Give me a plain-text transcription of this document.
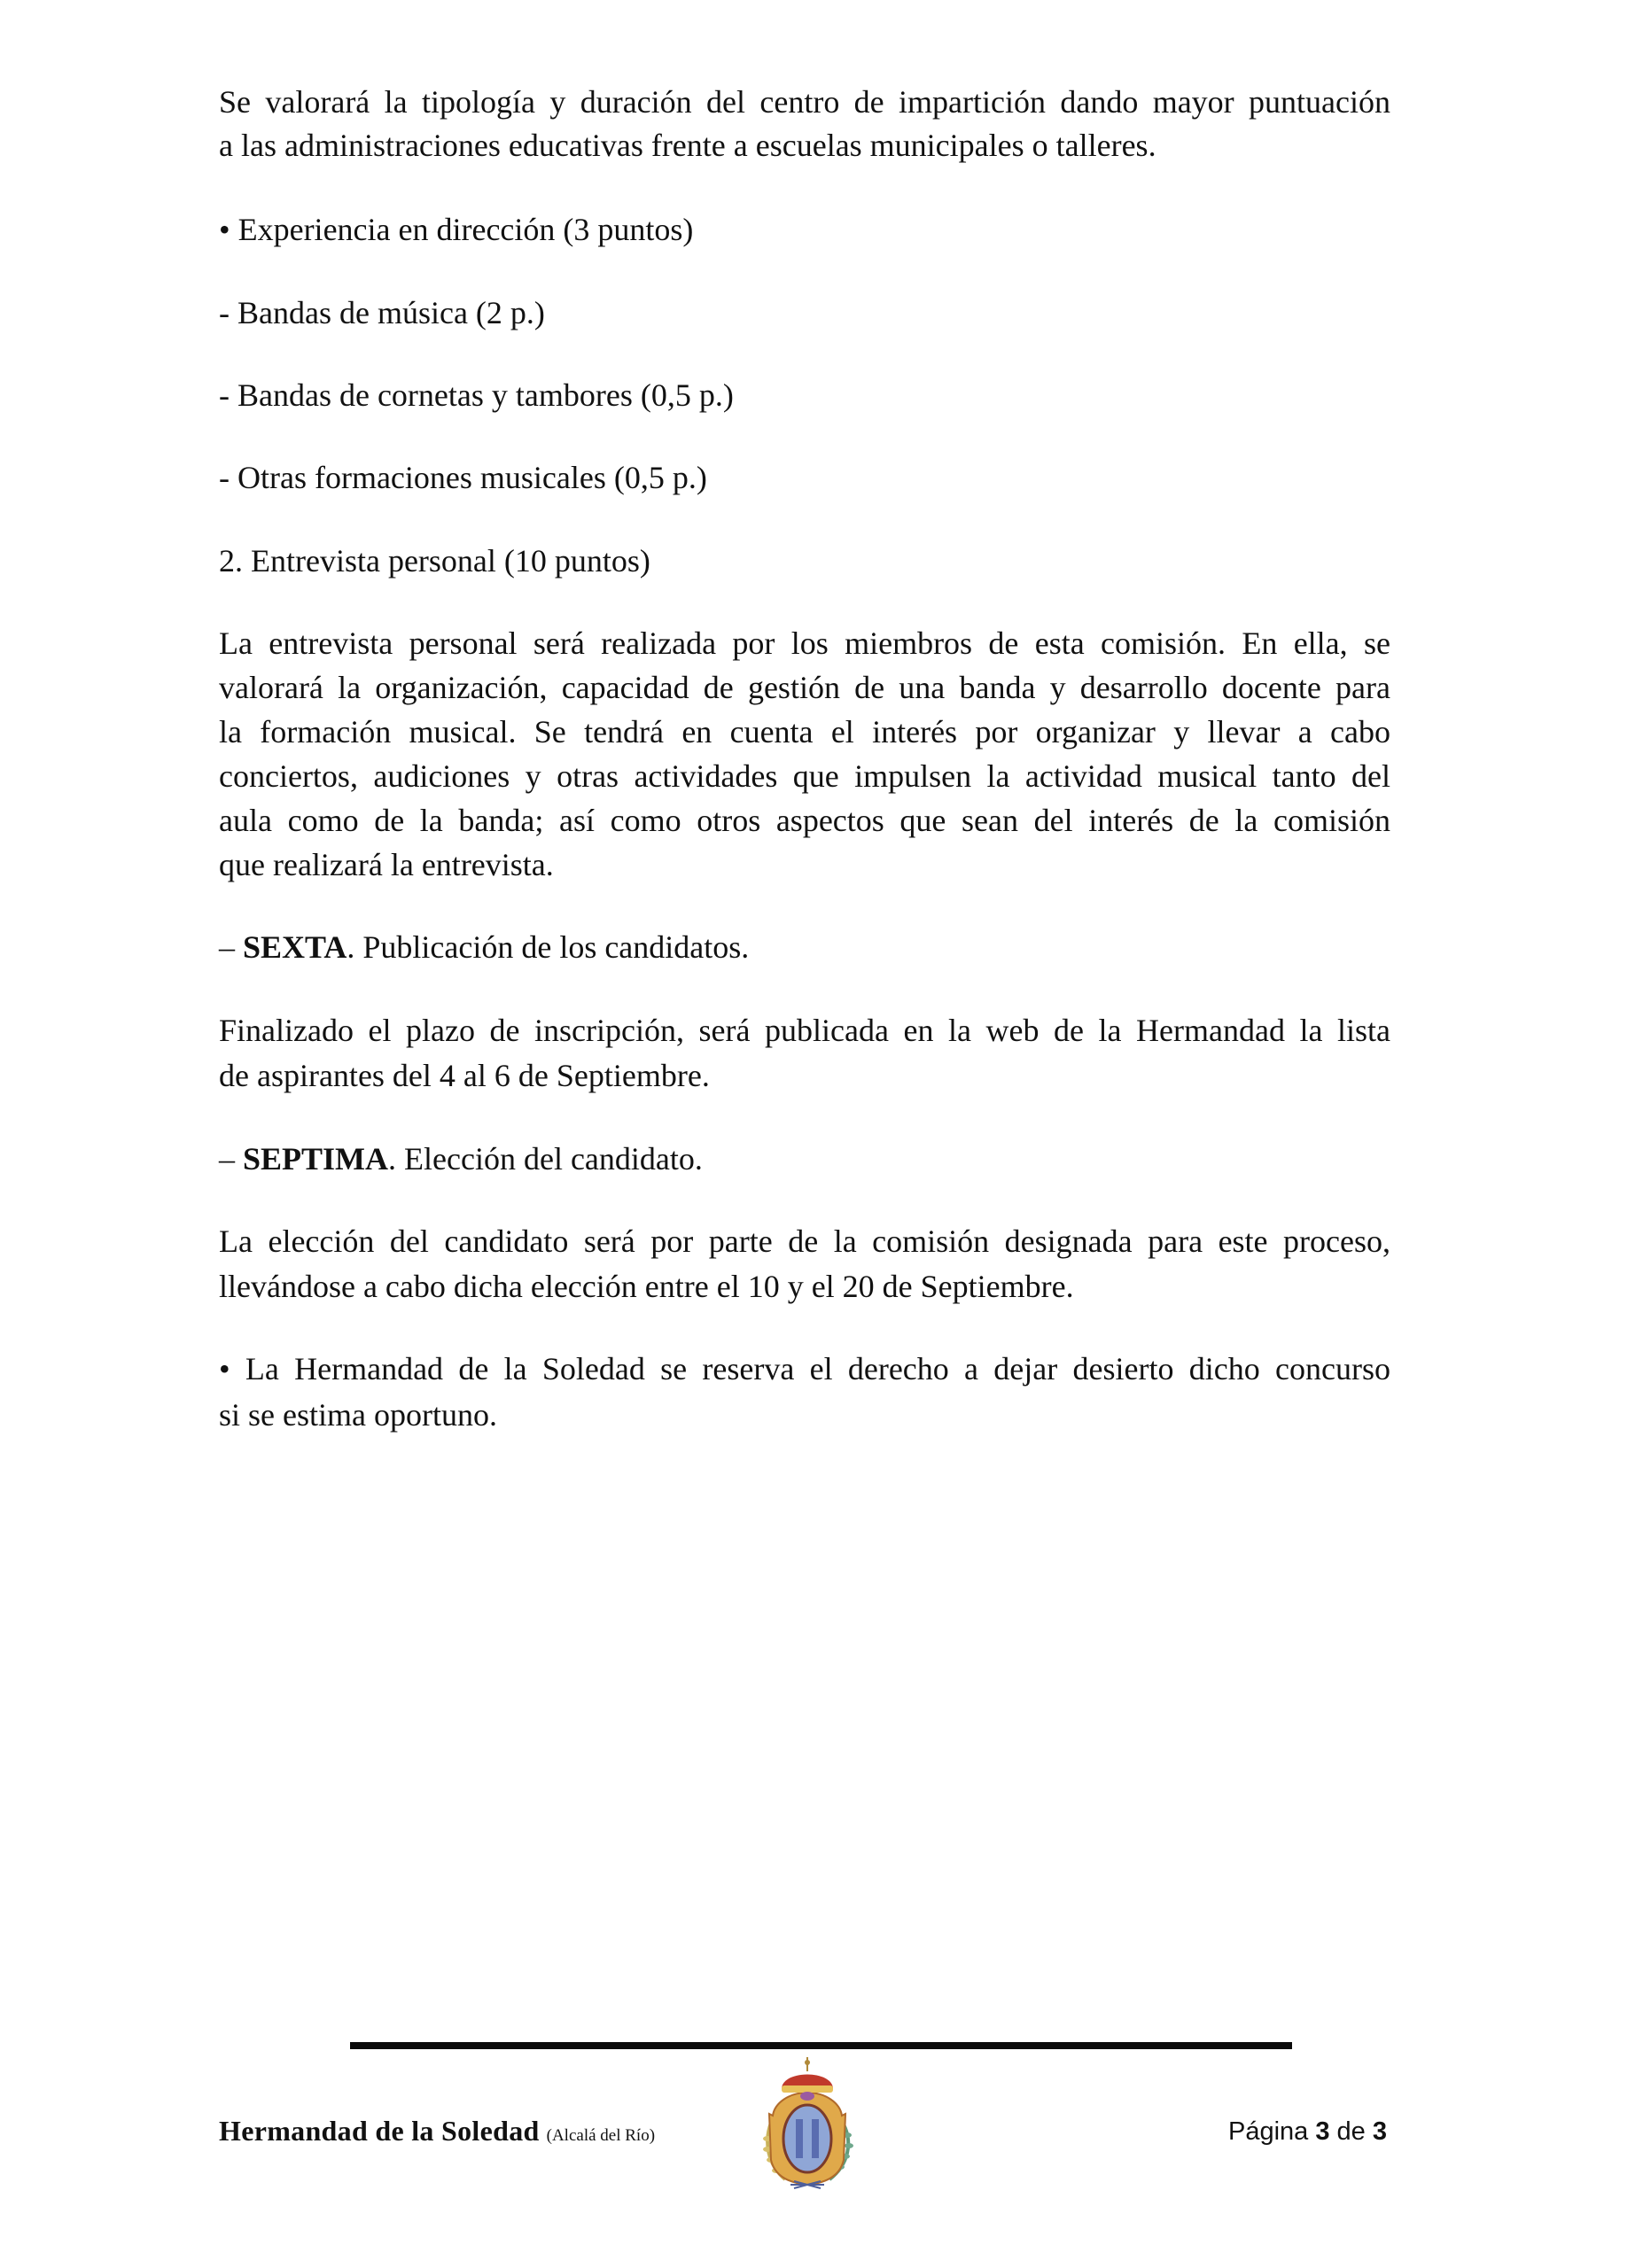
Se valorará la tipología y duración del centro de impartición dando mayor puntuación
a las administraciones educativas frente a escuelas municipales o talleres.
• Experiencia en dirección (3 puntos)
- Bandas de música (2 p.)
- Bandas de cornetas y tambores (0,5 p.)
- Otras formaciones musicales (0,5 p.)
2. Entrevista personal (10 puntos)
La entrevista personal será realizada por los miembros de esta comisión. En ella, se
valorará la organización, capacidad de gestión de una banda y desarrollo docente para
la formación musical. Se tendrá en cuenta el interés por organizar y llevar a cabo
conciertos, audiciones y otras actividades que impulsen la actividad musical tanto del
aula como de la banda; así como otros aspectos que sean del interés de la comisión
que realizará la entrevista.
– SEXTA. Publicación de los candidatos.
Finalizado el plazo de inscripción, será publicada en la web de la Hermandad la lista
de aspirantes del 4 al 6 de Septiembre.
– SEPTIMA. Elección del candidato.
La elección del candidato será por parte de la comisión designada para este proceso,
llevándose a cabo dicha elección entre el 10 y el 20 de Septiembre.
• La Hermandad de la Soledad se reserva el derecho a dejar desierto dicho concurso
si se estima oportuno.
Hermandad de la Soledad (Alcalá del Río)	Página 3 de 3
